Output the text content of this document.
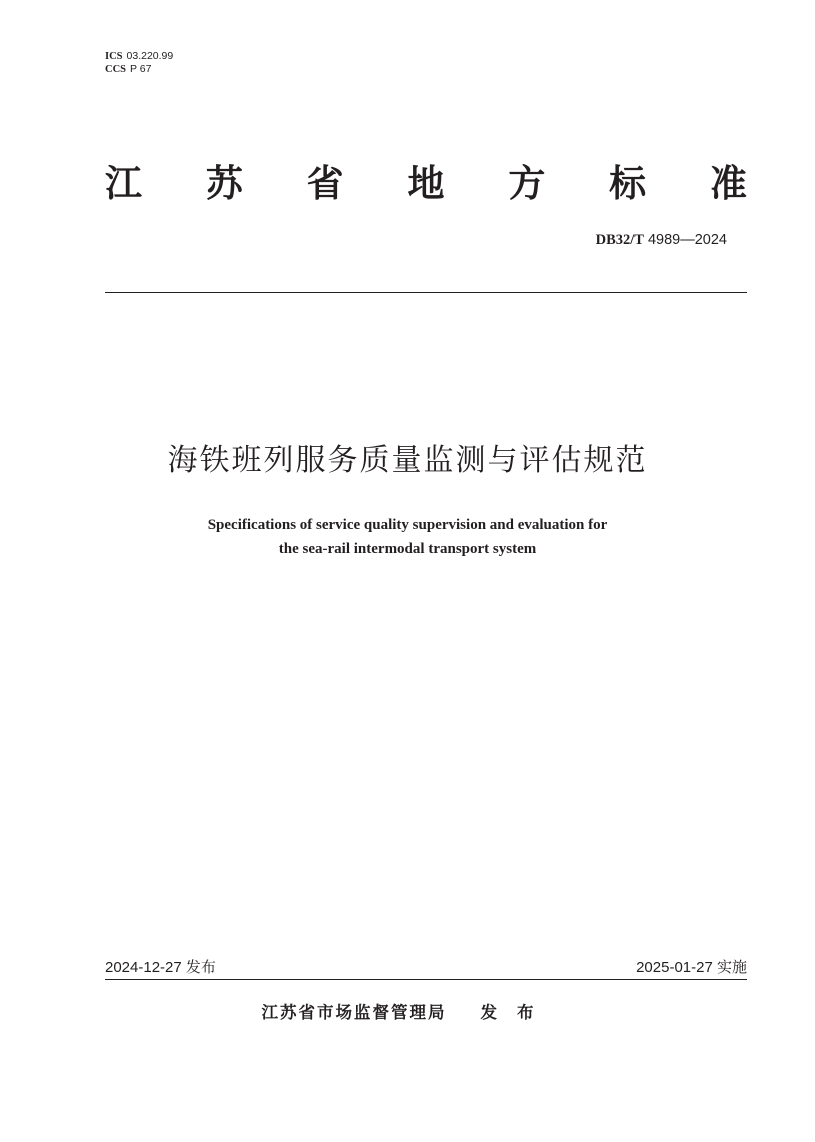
ICS 03.220.99
CCS P 67
江 苏 省 地 方 标 准
DB32/T 4989—2024
海铁班列服务质量监测与评估规范
Specifications of service quality supervision and evaluation for
the sea-rail intermodal transport system
2024-12-27 发布	2025-01-27 实施
江苏省市场监督管理局 发布
